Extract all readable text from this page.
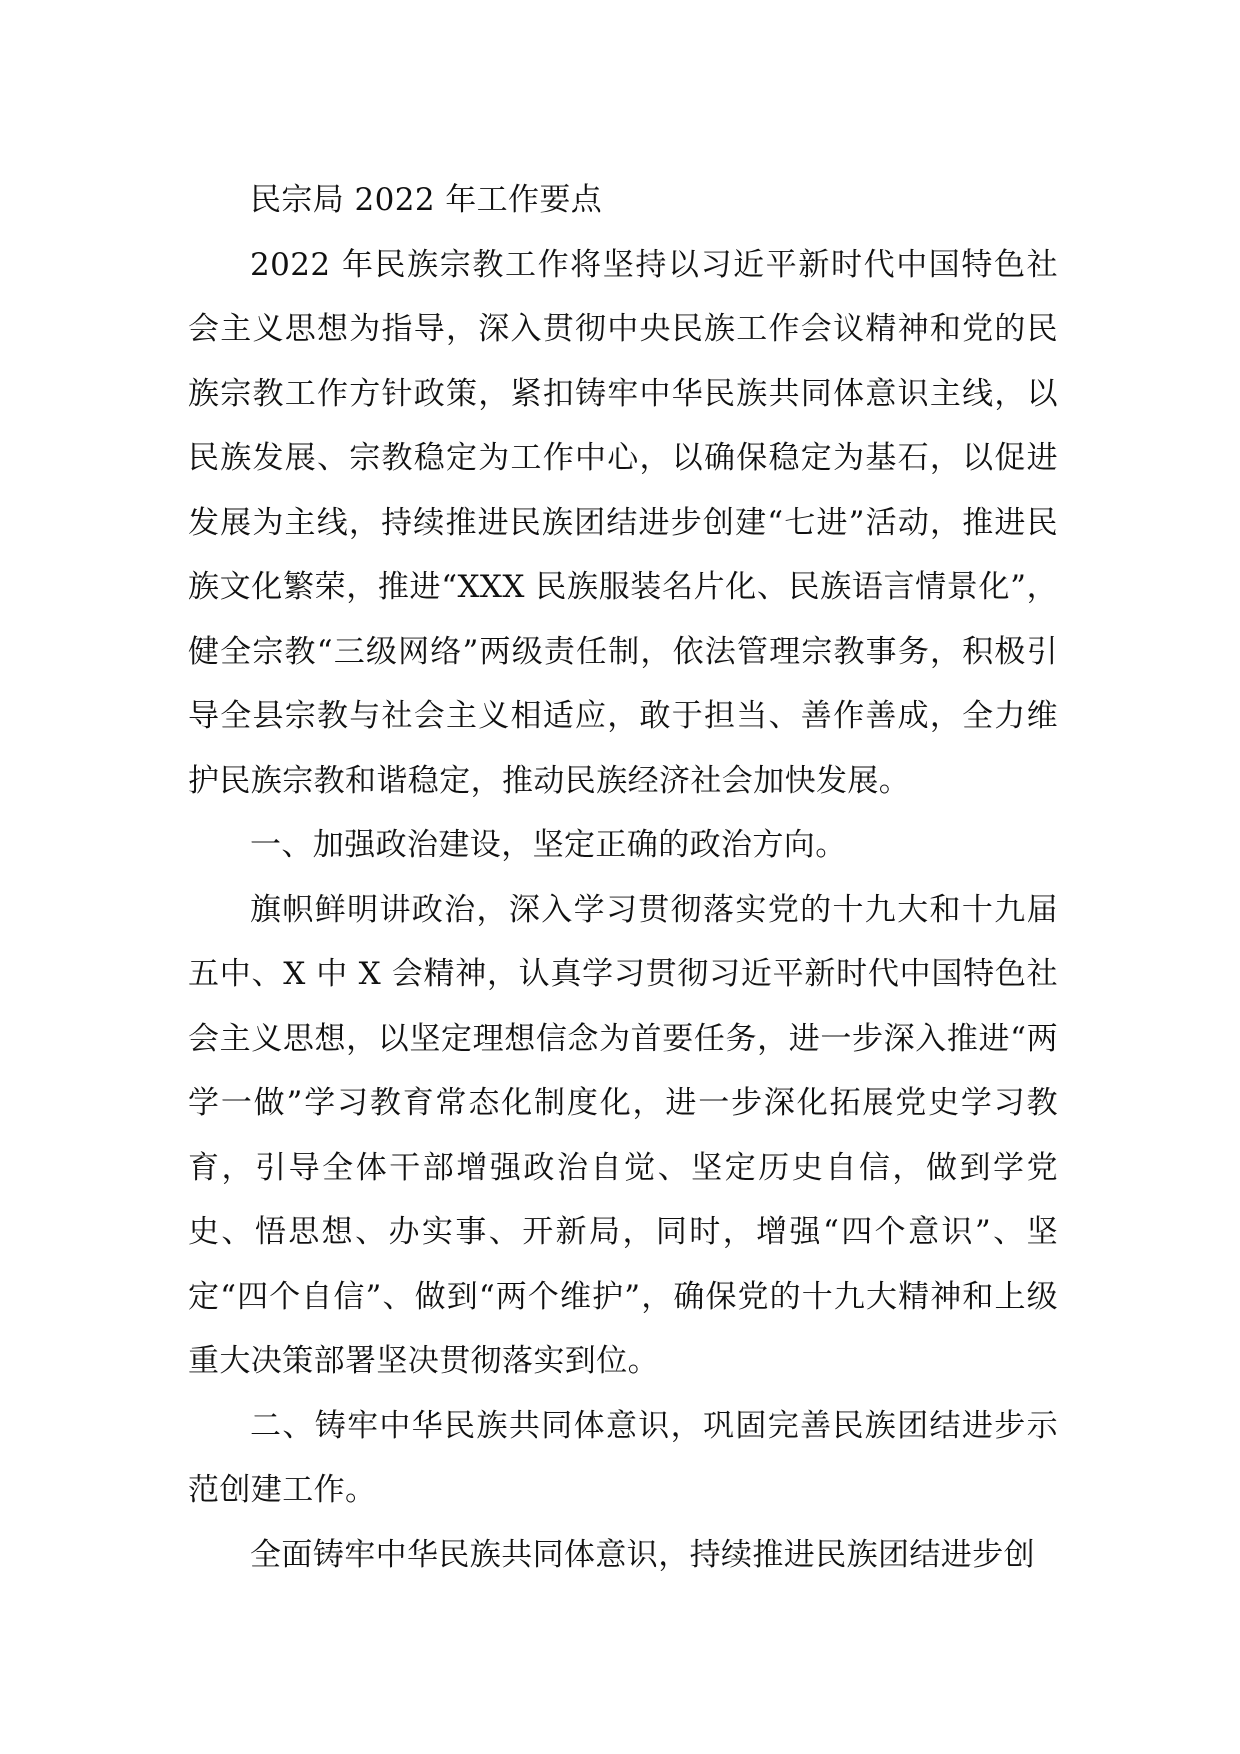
民宗局 2022 年工作要点

2022 年民族宗教工作将坚持以习近平新时代中国特色社会主义思想为指导，深入贯彻中央民族工作会议精神和党的民族宗教工作方针政策，紧扣铸牢中华民族共同体意识主线，以民族发展、宗教稳定为工作中心，以确保稳定为基石，以促进发展为主线，持续推进民族团结进步创建“七进”活动，推进民族文化繁荣，推进“XXX 民族服装名片化、民族语言情景化”，健全宗教“三级网络”两级责任制，依法管理宗教事务，积极引导全县宗教与社会主义相适应，敢于担当、善作善成，全力维护民族宗教和谐稳定，推动民族经济社会加快发展。

一、加强政治建设，坚定正确的政治方向。

旗帜鲜明讲政治，深入学习贯彻落实党的十九大和十九届五中、X 中 X 会精神，认真学习贯彻习近平新时代中国特色社会主义思想，以坚定理想信念为首要任务，进一步深入推进“两学一做”学习教育常态化制度化，进一步深化拓展党史学习教育，引导全体干部增强政治自觉、坚定历史自信，做到学党史、悟思想、办实事、开新局，同时，增强“四个意识”、坚定“四个自信”、做到“两个维护”，确保党的十九大精神和上级重大决策部署坚决贯彻落实到位。

二、铸牢中华民族共同体意识，巩固完善民族团结进步示范创建工作。

全面铸牢中华民族共同体意识，持续推进民族团结进步创
